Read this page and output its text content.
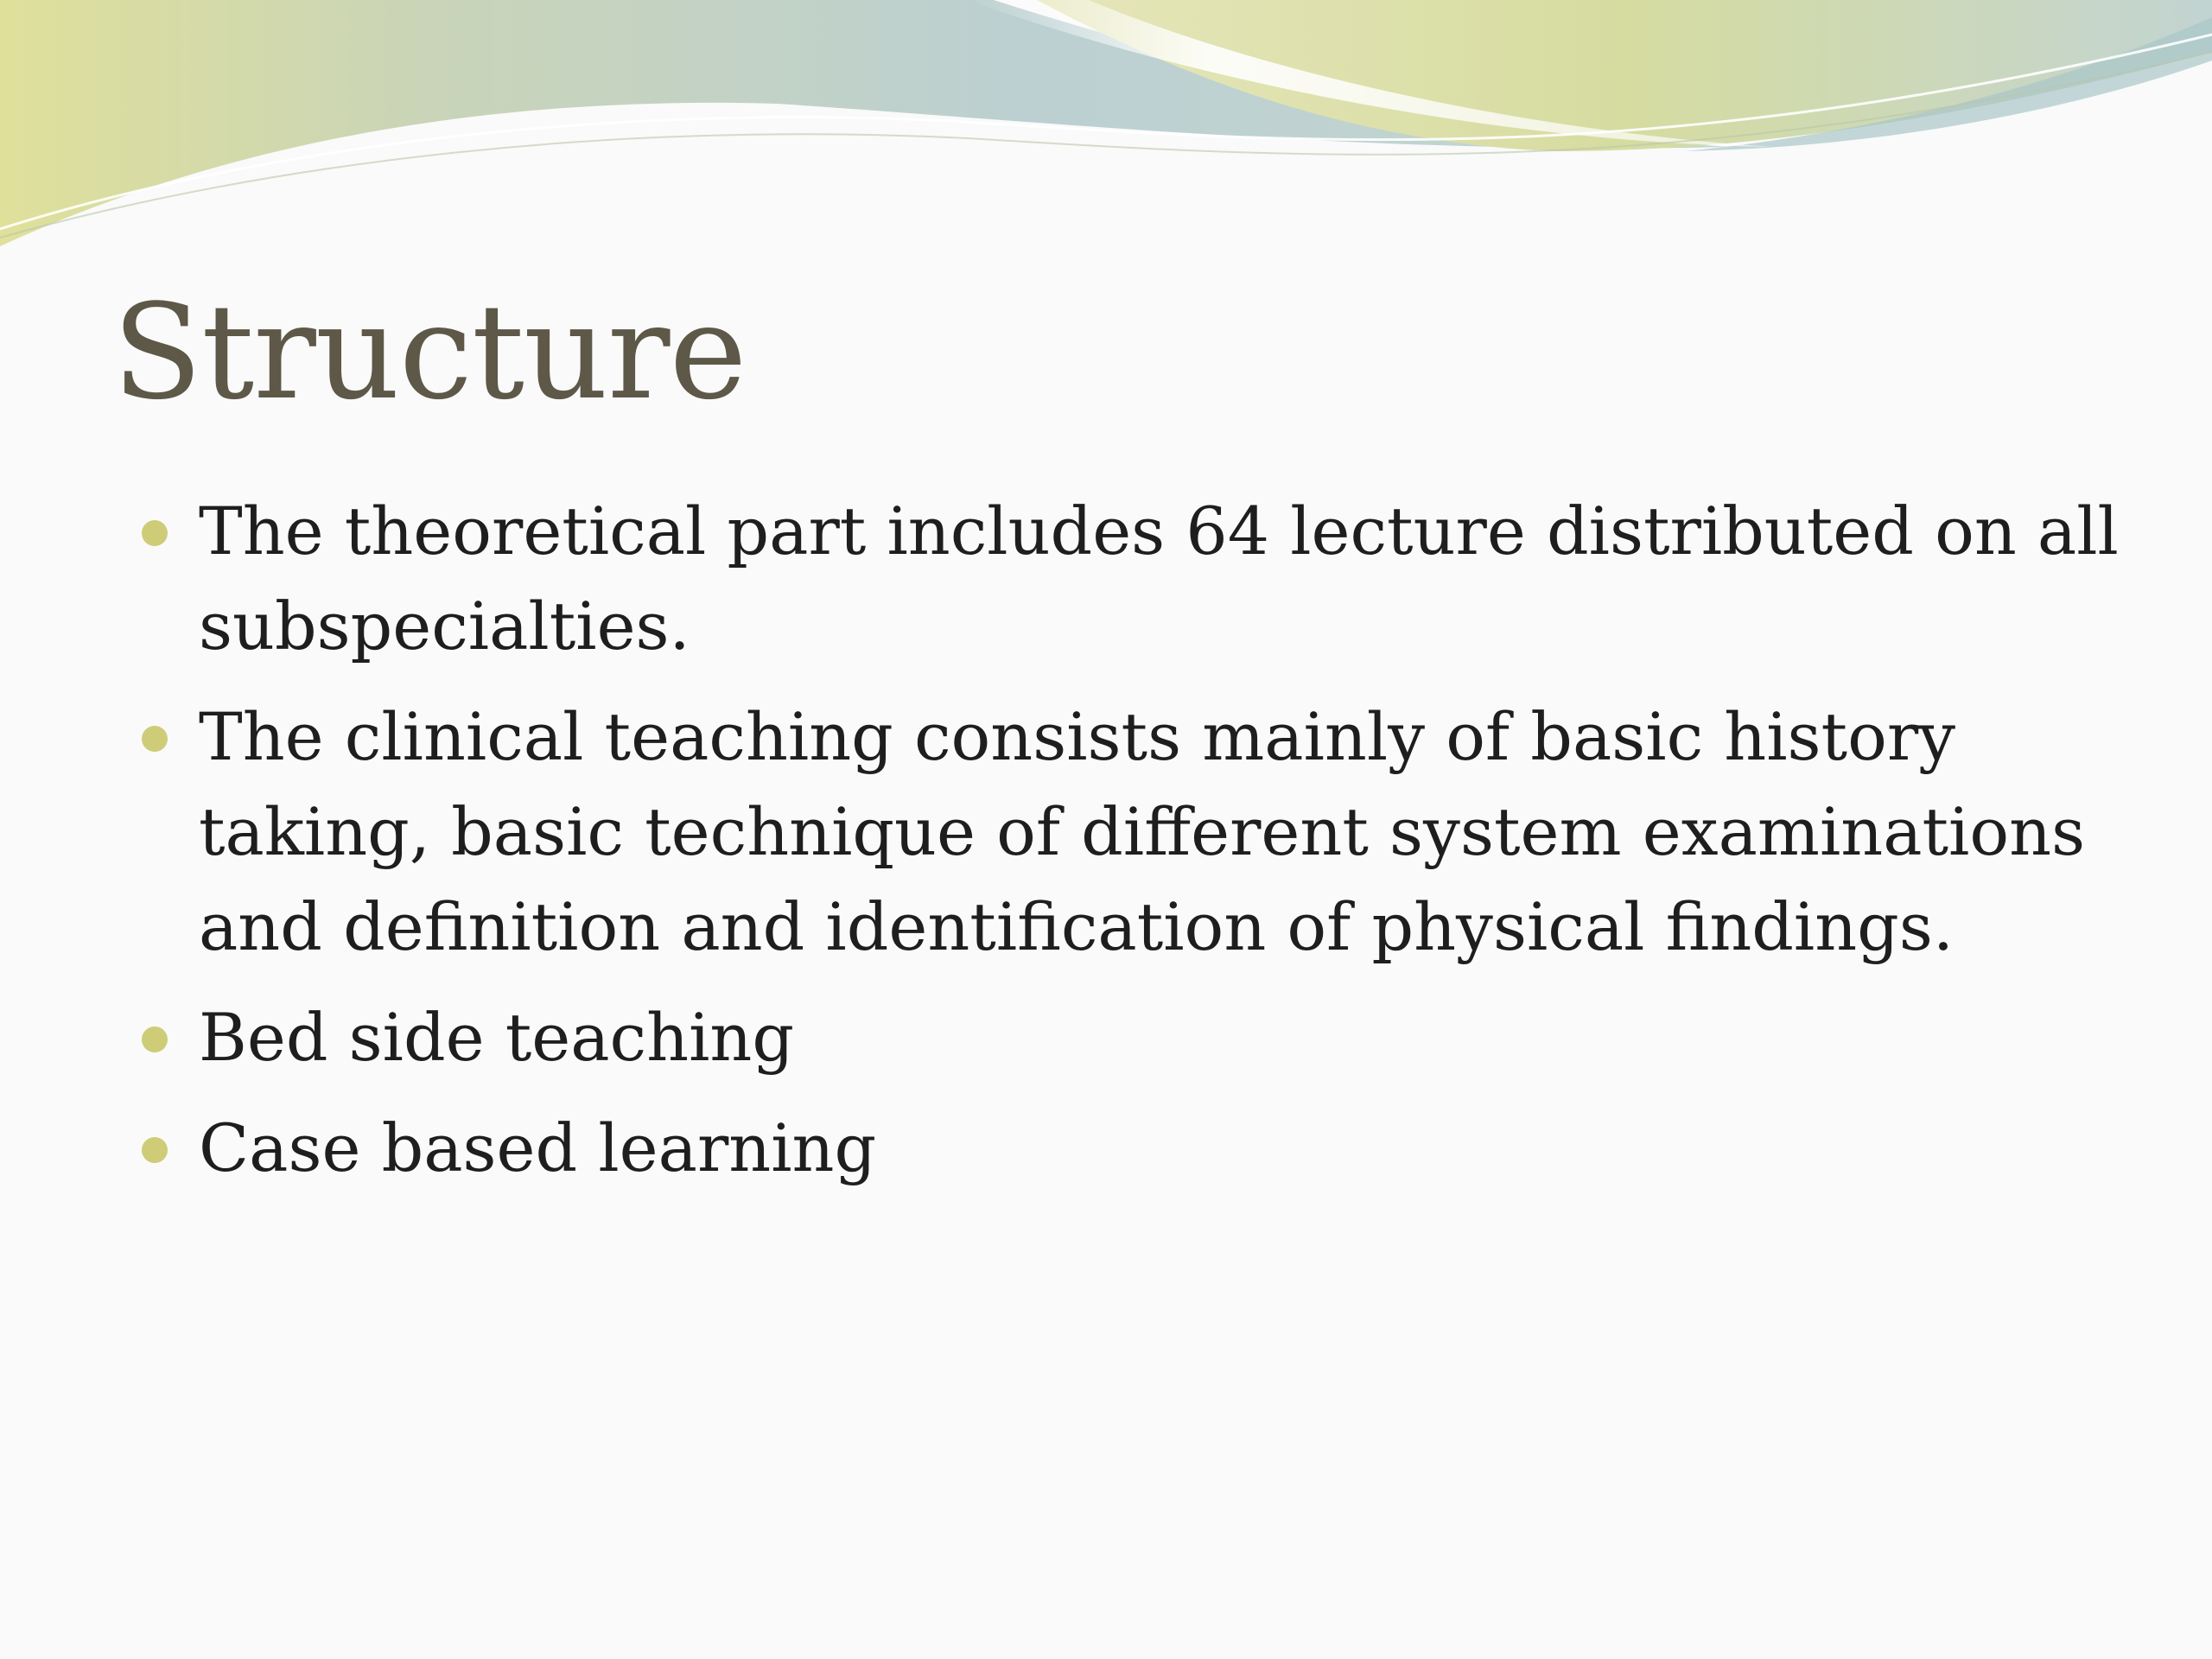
Structure
The theoretical part includes 64 lecture distributed on all subspecialties.
The clinical teaching consists mainly of basic history taking, basic technique of different system examinations and definition and identification of physical findings.
Bed side teaching
Case based learning
